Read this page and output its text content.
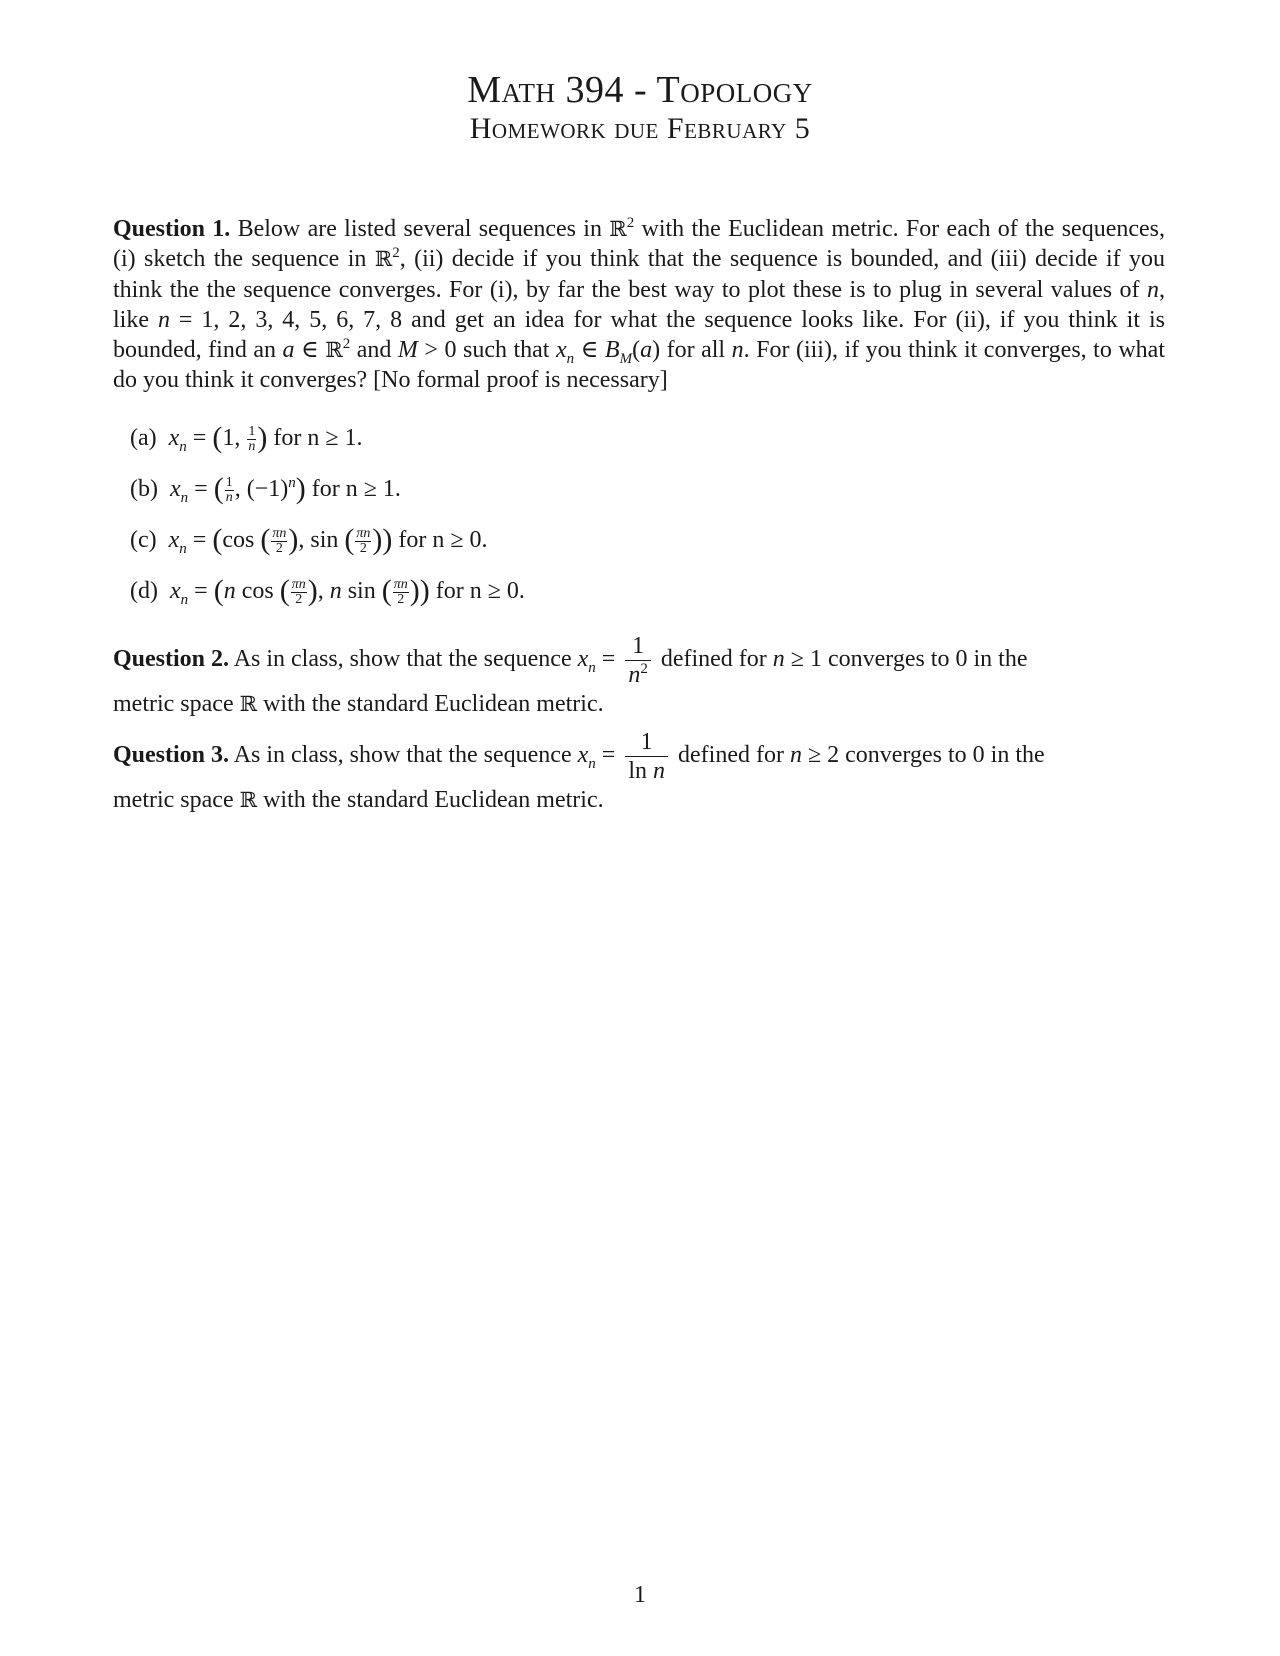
Math 394 - Topology
Homework due February 5
Question 1. Below are listed several sequences in ℝ$^2$ with the Euclidean metric. For each of the sequences, (i) sketch the sequence in ℝ$^2$, (ii) decide if you think that the sequence is bounded, and (iii) decide if you think the the sequence converges. For (i), by far the best way to plot these is to plug in several values of n, like n = 1, 2, 3, 4, 5, 6, 7, 8 and get an idea for what the sequence looks like. For (ii), if you think it is bounded, find an a ∈ ℝ$^2$ and M > 0 such that $x_n$ ∈ $B_M(a)$ for all n. For (iii), if you think it converges, to what do you think it converges? [No formal proof is necessary]
(a) $x_n = (1$, $\frac{1}{n}$ ) for n ≥ 1.
(b) $x_n$ = ( $\frac{1}{n}$ , $(-1)^n$) for n ≥ 1.
(c) $x_n = (\cos$ ( $\frac{\pi n}{2}$ ), sin ( $\frac{\pi n}{2}$ )) for n ≥ 0.
(d) $x_n = (n$ cos ( $\frac{\pi n}{2}$ ), n sin ( $\frac{\pi n}{2}$ )) for n ≥ 0.
Question 2. As in class, show that the sequence $x_n = \frac{1}{n^2}$ defined for n ≥ 1 converges to 0 in the
metric space ℝ with the standard Euclidean metric.
Question 3. As in class, show that the sequence $x_n = \frac{1}{\text{ln n}}$ defined for n ≥ 2 converges to 0 in the
metric space ℝ with the standard Euclidean metric.
1
